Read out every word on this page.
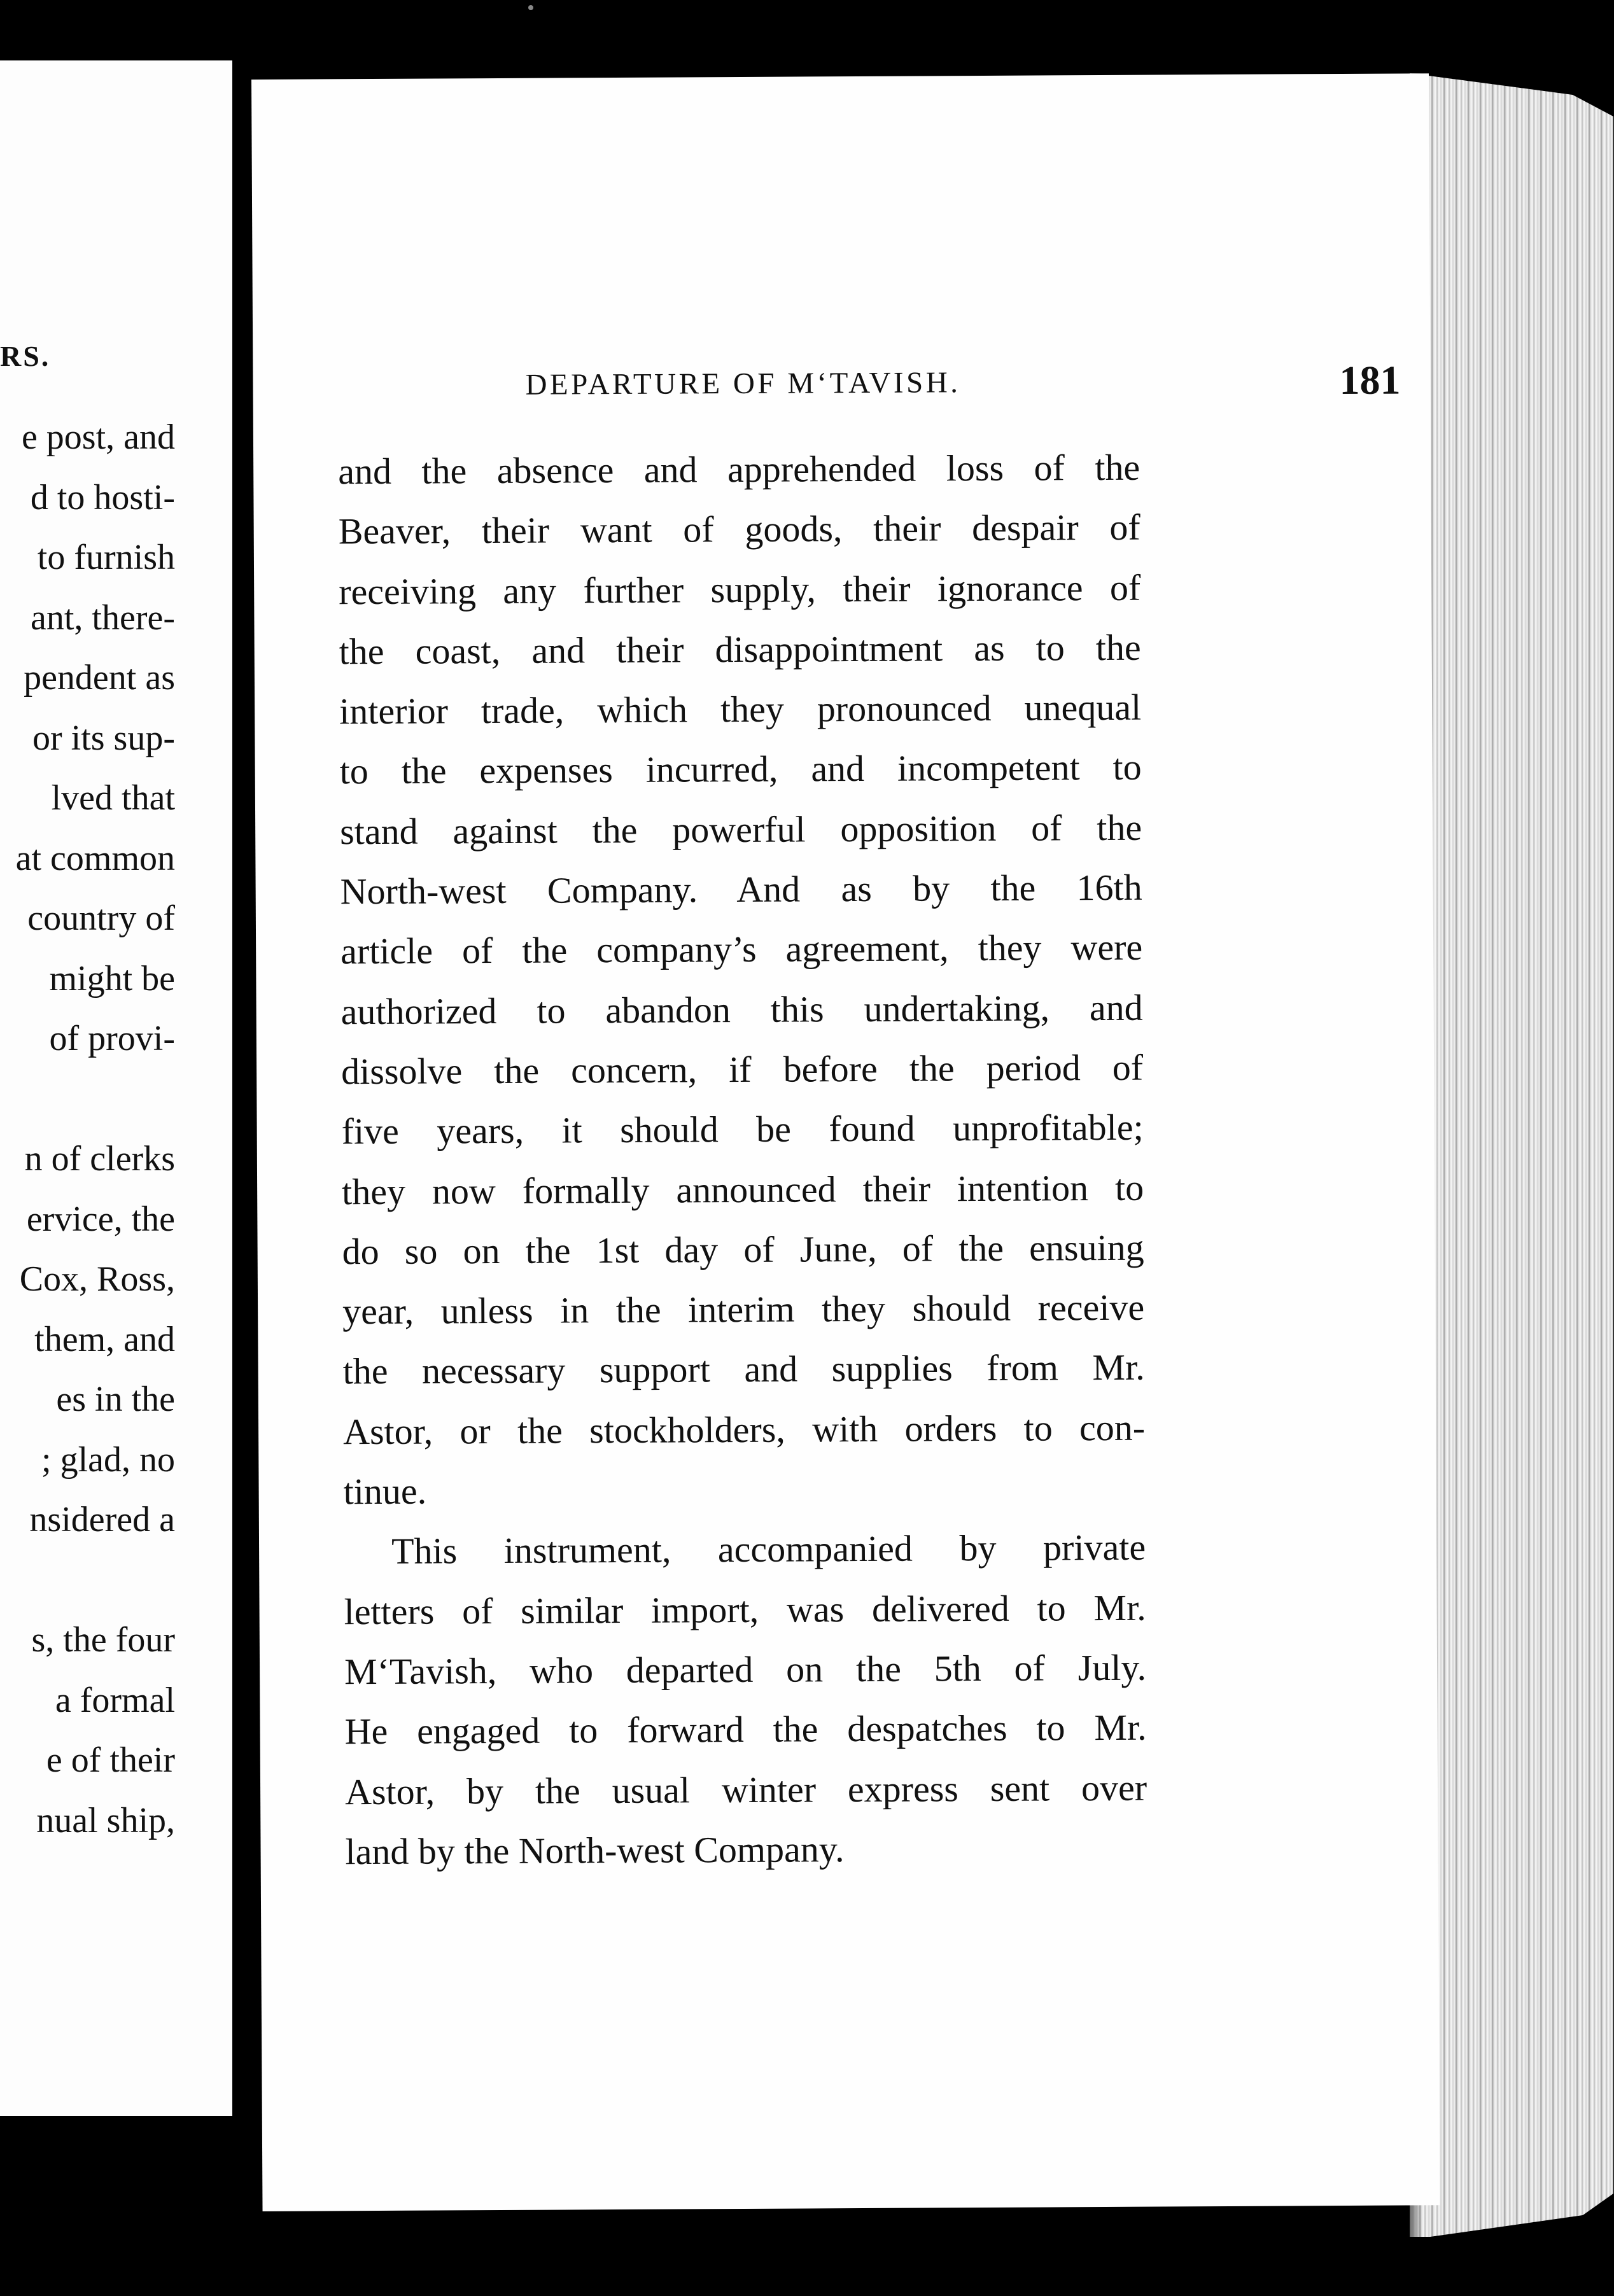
RS.
e post, and
d to hosti-
to furnish
ant, there-
pendent as
or its sup-
lved that
at common
country of
might be
of provi-
n of clerks
ervice, the
Cox, Ross,
them, and
es in the
; glad, no
nsidered a
s, the four
a formal
e of their
nual ship,
DEPARTURE OF M‘TAVISH.	181
and the absence and apprehended loss of the
Beaver, their want of goods, their despair of
receiving any further supply, their ignorance of
the coast, and their disappointment as to the
interior trade, which they pronounced unequal
to the expenses incurred, and incompetent to
stand against the powerful opposition of the
North-west Company. And as by the 16th
article of the company’s agreement, they were
authorized to abandon this undertaking, and
dissolve the concern, if before the period of
five years, it should be found unprofitable;
they now formally announced their intention to
do so on the 1st day of June, of the ensuing
year, unless in the interim they should receive
the necessary support and supplies from Mr.
Astor, or the stockholders, with orders to con-
tinue.
This instrument, accompanied by private
letters of similar import, was delivered to Mr.
M‘Tavish, who departed on the 5th of July.
He engaged to forward the despatches to Mr.
Astor, by the usual winter express sent over
land by the North-west Company.
